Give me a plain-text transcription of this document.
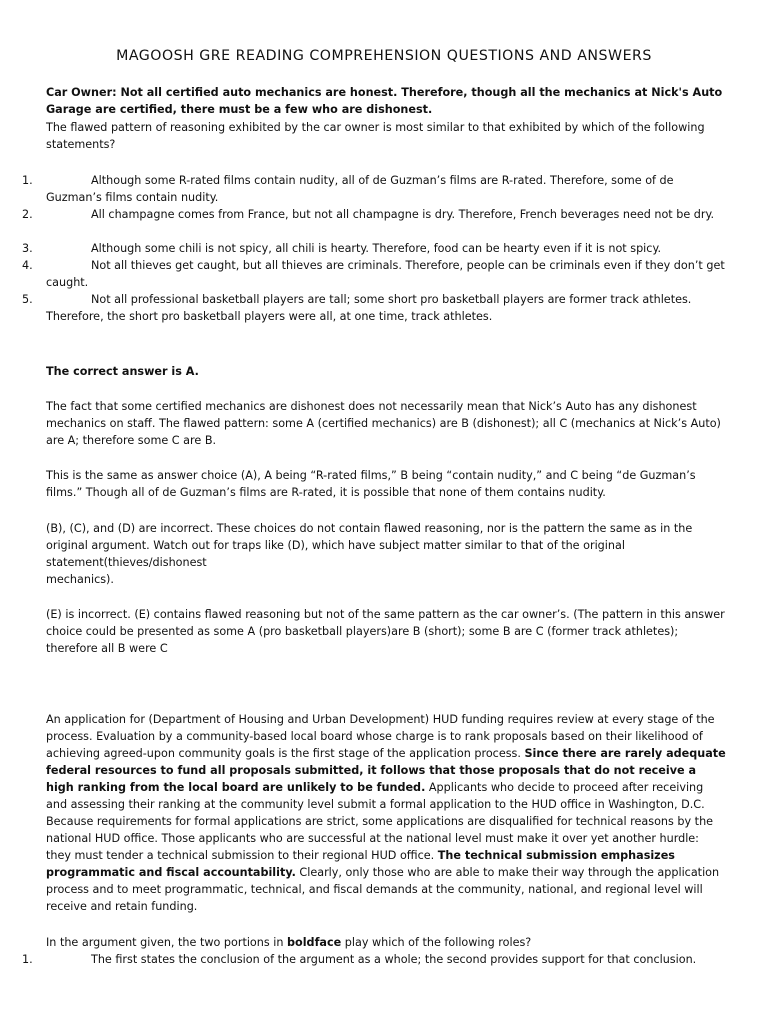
MAGOOSH GRE READING COMPREHENSION QUESTIONS AND ANSWERS

Car Owner: Not all certified auto mechanics are honest. Therefore, though all the mechanics at Nick's Auto Garage are certified, there must be a few who are dishonest.

The flawed pattern of reasoning exhibited by the car owner is most similar to that exhibited by which of the following statements?

1.	Although some R-rated films contain nudity, all of de Guzman’s films are R-rated. Therefore, some of de Guzman’s films contain nudity.
2.	All champagne comes from France, but not all champagne is dry. Therefore, French beverages need not be dry.
3.	Although some chili is not spicy, all chili is hearty. Therefore, food can be hearty even if it is not spicy.
4.	Not all thieves get caught, but all thieves are criminals. Therefore, people can be criminals even if they don’t get caught.
5.	Not all professional basketball players are tall; some short pro basketball players are former track athletes. Therefore, the short pro basketball players were all, at one time, track athletes.

The correct answer is A.

The fact that some certified mechanics are dishonest does not necessarily mean that Nick’s Auto has any dishonest mechanics on staff. The flawed pattern: some A (certified mechanics) are B (dishonest); all C (mechanics at Nick’s Auto) are A; therefore some C are B.

This is the same as answer choice (A), A being “R-rated films,” B being “contain nudity,” and C being “de Guzman’s films.” Though all of de Guzman’s films are R-rated, it is possible that none of them contains nudity.

(B), (C), and (D) are incorrect. These choices do not contain flawed reasoning, nor is the pattern the same as in the original argument. Watch out for traps like (D), which have subject matter similar to that of the original statement(thieves/dishonest

mechanics).

(E) is incorrect. (E) contains flawed reasoning but not of the same pattern as the car owner’s. (The pattern in this answer choice could be presented as some A (pro basketball players)are B (short); some B are C (former track athletes); therefore all B were C

An application for (Department of Housing and Urban Development) HUD funding requires review at every stage of the process. Evaluation by a community-based local board whose charge is to rank proposals based on their likelihood of achieving agreed-upon community goals is the first stage of the application process. Since there are rarely adequate federal resources to fund all proposals submitted, it follows that those proposals that do not receive a high ranking from the local board are unlikely to be funded. Applicants who decide to proceed after receiving and assessing their ranking at the community level submit a formal application to the HUD office in Washington, D.C. Because requirements for formal applications are strict, some applications are disqualified for technical reasons by the national HUD office. Those applicants who are successful at the national level must make it over yet another hurdle: they must tender a technical submission to their regional HUD office. The technical submission emphasizes programmatic and fiscal accountability. Clearly, only those who are able to make their way through the application process and to meet programmatic, technical, and fiscal demands at the community, national, and regional level will receive and retain funding.

In the argument given, the two portions in boldface play which of the following roles?

1.	The first states the conclusion of the argument as a whole; the second provides support for that conclusion.
